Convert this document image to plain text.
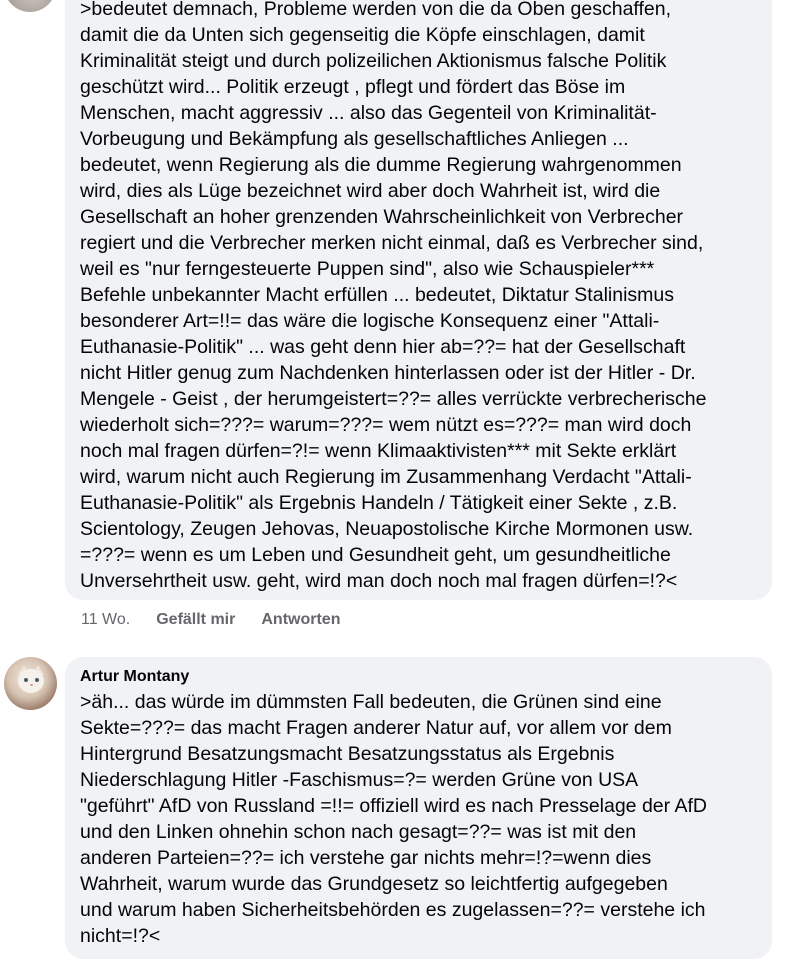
>bedeutet demnach, Probleme werden von die da Oben geschaffen,
damit die da Unten sich gegenseitig die Köpfe einschlagen, damit
Kriminalität steigt und durch polizeilichen Aktionismus falsche Politik
geschützt wird... Politik erzeugt , pflegt und fördert das Böse im
Menschen, macht aggressiv ... also das Gegenteil von Kriminalität-
Vorbeugung und Bekämpfung als gesellschaftliches Anliegen ...
bedeutet, wenn Regierung als die dumme Regierung wahrgenommen
wird, dies als Lüge bezeichnet wird aber doch Wahrheit ist, wird die
Gesellschaft an hoher grenzenden Wahrscheinlichkeit von Verbrecher
regiert und die Verbrecher merken nicht einmal, daß es Verbrecher sind,
weil es "nur ferngesteuerte Puppen sind", also wie Schauspieler***
Befehle unbekannter Macht erfüllen ... bedeutet, Diktatur Stalinismus
besonderer Art=!!= das wäre die logische Konsequenz einer "Attali-
Euthanasie-Politik" ... was geht denn hier ab=??= hat der Gesellschaft
nicht Hitler genug zum Nachdenken hinterlassen oder ist der Hitler - Dr.
Mengele - Geist , der herumgeistert=??= alles verrückte verbrecherische
wiederholt sich=???= warum=???= wem nützt es=???= man wird doch
noch mal fragen dürfen=?!= wenn Klimaaktivisten*** mit Sekte erklärt
wird, warum nicht auch Regierung im Zusammenhang Verdacht "Attali-
Euthanasie-Politik" als Ergebnis Handeln / Tätigkeit einer Sekte , z.B.
Scientology, Zeugen Jehovas, Neuapostolische Kirche Mormonen usw.
=???= wenn es um Leben und Gesundheit geht, um gesundheitliche
Unversehrtheit usw. geht, wird man doch noch mal fragen dürfen=!?<

11 Wo. Gefällt mir Antworten
Artur Montany

>äh... das würde im dümmsten Fall bedeuten, die Grünen sind eine
Sekte=???= das macht Fragen anderer Natur auf, vor allem vor dem
Hintergrund Besatzungsmacht Besatzungsstatus als Ergebnis
Niederschlagung Hitler -Faschismus=?= werden Grüne von USA
"geführt" AfD von Russland =!!= offiziell wird es nach Presselage der AfD
und den Linken ohnehin schon nach gesagt=??= was ist mit den
anderen Parteien=??= ich verstehe gar nichts mehr=!?=wenn dies
Wahrheit, warum wurde das Grundgesetz so leichtfertig aufgegeben
und warum haben Sicherheitsbehörden es zugelassen=??= verstehe ich
nicht=!?<
